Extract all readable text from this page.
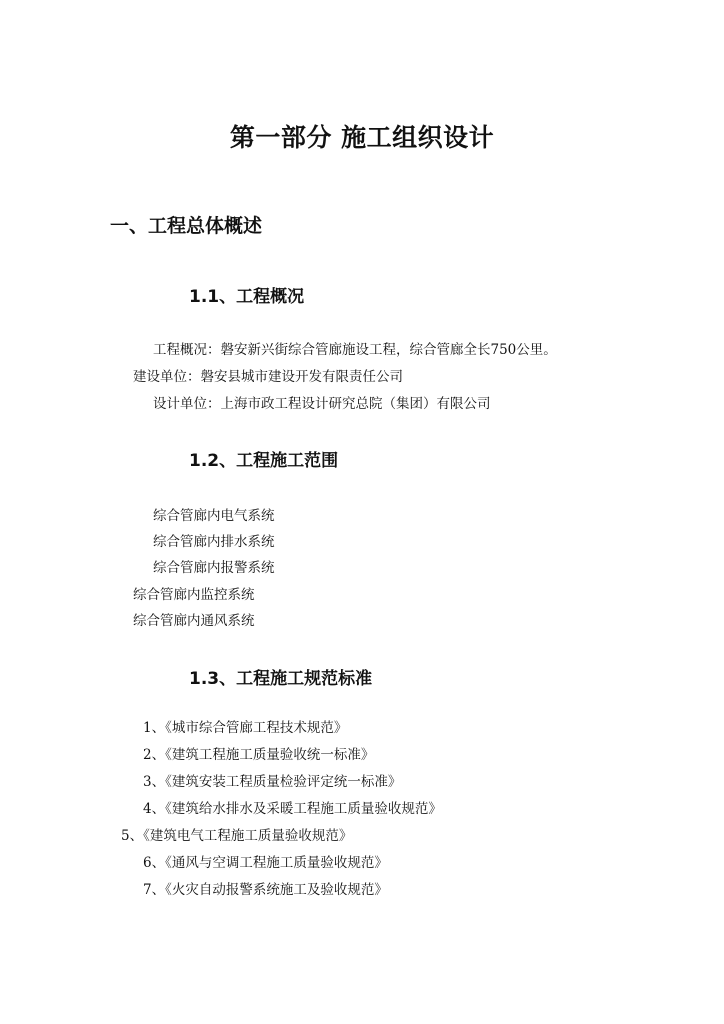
第一部分 施工组织设计
一、工程总体概述
1.1、工程概况
工程概况：磐安新兴街综合管廊施设工程，综合管廊全长750公里。
建设单位：磐安县城市建设开发有限责任公司
设计单位：上海市政工程设计研究总院（集团）有限公司
1.2、工程施工范围
综合管廊内电气系统
综合管廊内排水系统
综合管廊内报警系统
综合管廊内监控系统
综合管廊内通风系统
1.3、工程施工规范标准
1、《城市综合管廊工程技术规范》
2、《建筑工程施工质量验收统一标准》
3、《建筑安装工程质量检验评定统一标准》
4、《建筑给水排水及采暖工程施工质量验收规范》
5、《建筑电气工程施工质量验收规范》
6、《通风与空调工程施工质量验收规范》
7、《火灾自动报警系统施工及验收规范》
